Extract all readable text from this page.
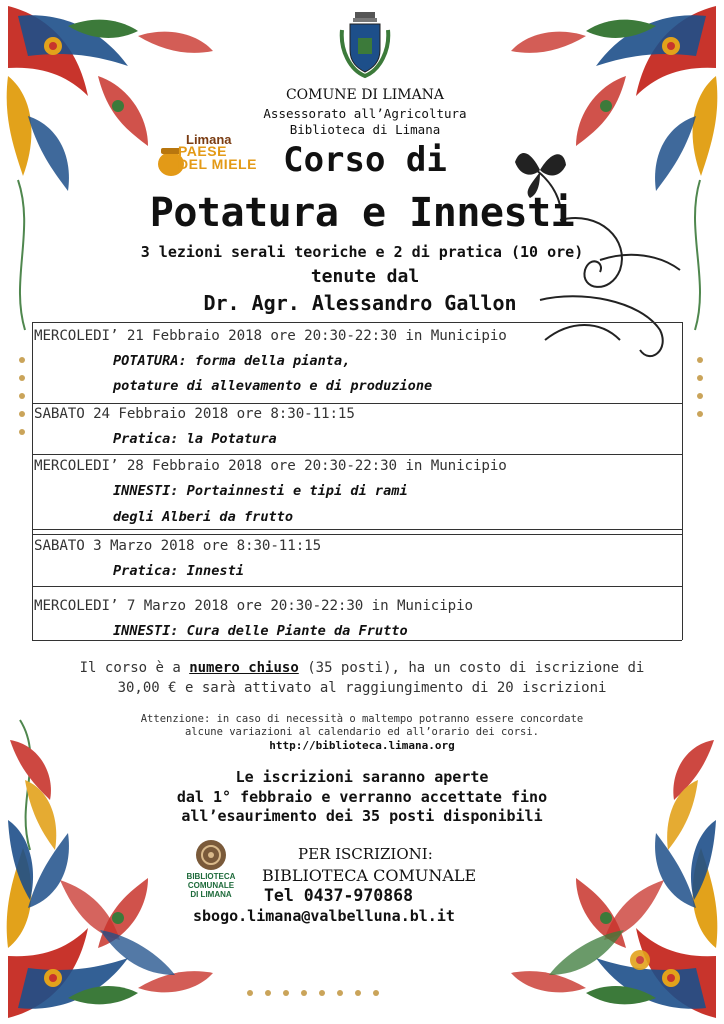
Limana
PAESE
DEL MIELE
COMUNE DI LIMANA
Assessorato all’Agricoltura
Biblioteca di Limana
Corso di
Potatura e Innesti
3 lezioni serali teoriche e 2 di pratica (10 ore)
tenute dal
Dr. Agr. Alessandro Gallon
MERCOLEDI’ 21 Febbraio 2018 ore 20:30-22:30 in Municipio
POTATURA: forma della pianta,
potature di allevamento e di produzione
SABATO 24 Febbraio 2018 ore 8:30-11:15
Pratica: la Potatura
MERCOLEDI’ 28 Febbraio 2018 ore 20:30-22:30 in Municipio
INNESTI: Portainnesti e tipi di rami
degli Alberi da frutto
SABATO 3 Marzo 2018 ore 8:30-11:15
Pratica: Innesti
MERCOLEDI’ 7 Marzo 2018 ore 20:30-22:30 in Municipio
INNESTI: Cura delle Piante da Frutto
Il corso è a numero chiuso (35 posti), ha un costo di iscrizione di
30,00 € e sarà attivato al raggiungimento di 20 iscrizioni
Attenzione: in caso di necessità o maltempo potranno essere concordate
alcune variazioni al calendario ed all’orario dei corsi.
http://biblioteca.limana.org
Le iscrizioni saranno aperte
dal 1° febbraio e verranno accettate fino
all’esaurimento dei 35 posti disponibili
BIBLIOTECA
COMUNALE
DI LIMANA
PER ISCRIZIONI:
BIBLIOTECA COMUNALE
Tel 0437-970868
sbogo.limana@valbelluna.bl.it
